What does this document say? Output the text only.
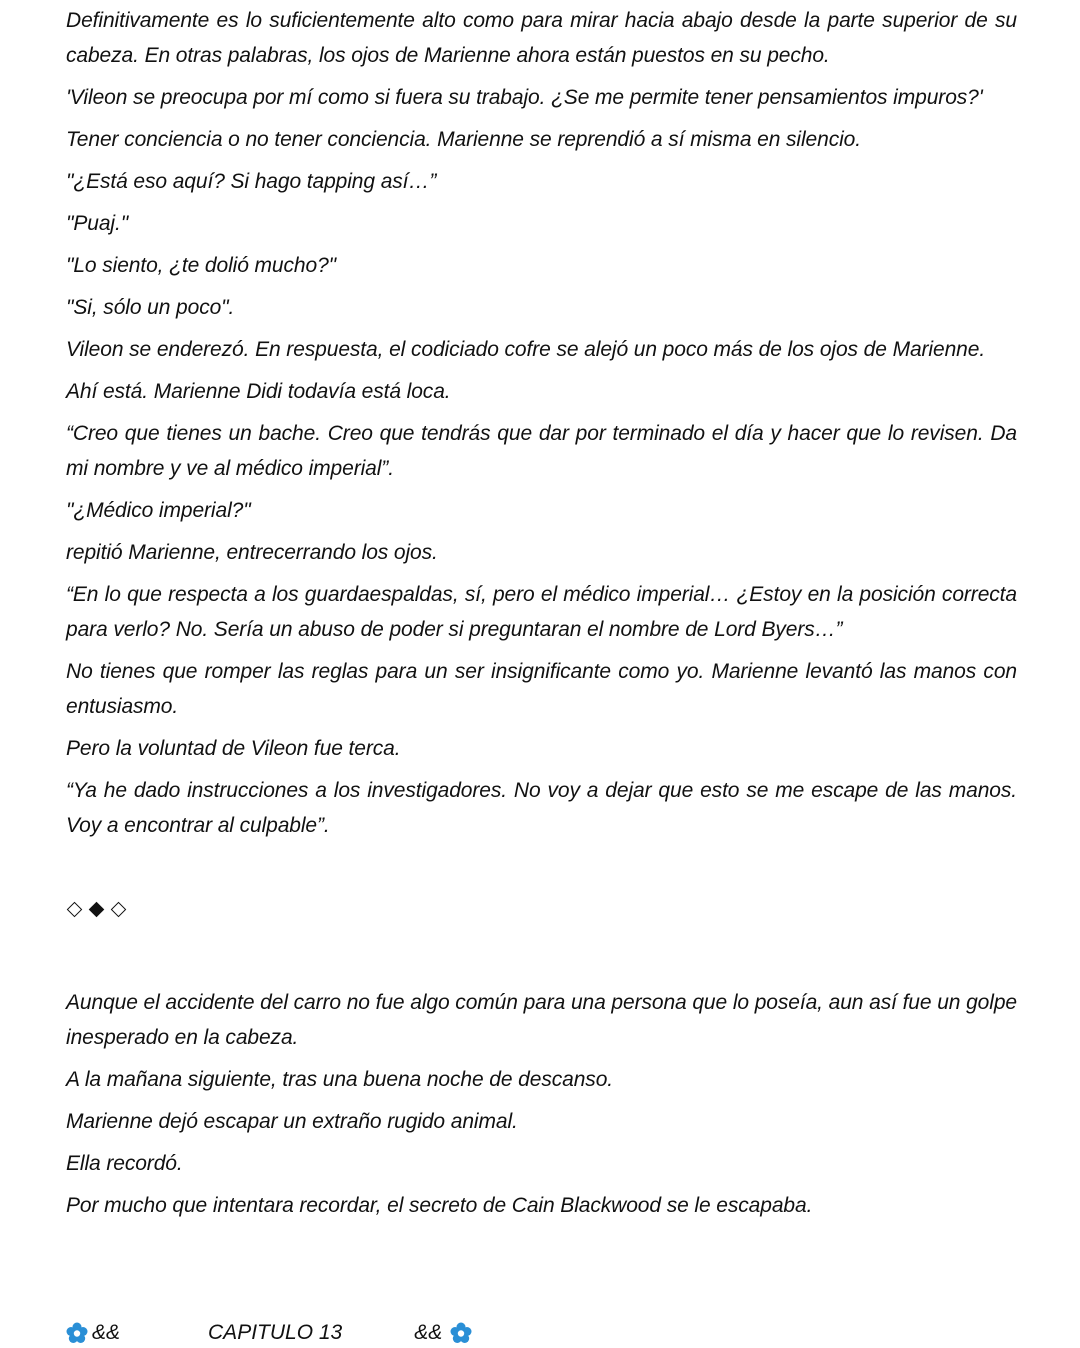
Definitivamente es lo suficientemente alto como para mirar hacia abajo desde la parte superior de su cabeza. En otras palabras, los ojos de Marienne ahora están puestos en su pecho.

'Vileon se preocupa por mí como si fuera su trabajo. ¿Se me permite tener pensamientos impuros?'

Tener conciencia o no tener conciencia. Marienne se reprendió a sí misma en silencio.

"¿Está eso aquí? Si hago tapping así…”

"Puaj."

"Lo siento, ¿te dolió mucho?"

"Si, sólo un poco".

Vileon se enderezó. En respuesta, el codiciado cofre se alejó un poco más de los ojos de Marienne.

Ahí está. Marienne Didi todavía está loca.

“Creo que tienes un bache. Creo que tendrás que dar por terminado el día y hacer que lo revisen. Da mi nombre y ve al médico imperial”.

"¿Médico imperial?"

repitió Marienne, entrecerrando los ojos.

“En lo que respecta a los guardaespaldas, sí, pero el médico imperial… ¿Estoy en la posición correcta para verlo? No. Sería un abuso de poder si preguntaran el nombre de Lord Byers…”

No tienes que romper las reglas para un ser insignificante como yo. Marienne levantó las manos con entusiasmo.

Pero la voluntad de Vileon fue terca.

“Ya he dado instrucciones a los investigadores. No voy a dejar que esto se me escape de las manos. Voy a encontrar al culpable”.

Aunque el accidente del carro no fue algo común para una persona que lo poseía, aun así fue un golpe inesperado en la cabeza.

A la mañana siguiente, tras una buena noche de descanso.

Marienne dejó escapar un extraño rugido animal.

Ella recordó.

Por mucho que intentara recordar, el secreto de Cain Blackwood se le escapaba.

&&	CAPITULO 13	&&
